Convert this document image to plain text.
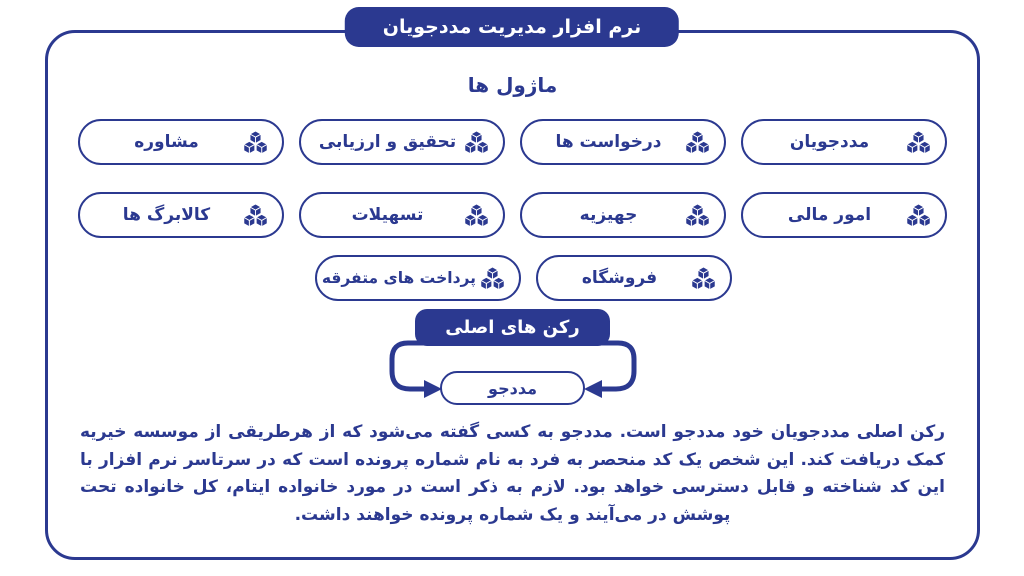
ماژول ها
مددجویان
درخواست ها
تحقیق و ارزیابی
مشاوره
امور مالی
جهیزیه
تسهیلات
کالابرگ ها
فروشگاه
پرداخت های متفرقه
رکن های اصلی
مددجو
رکن اصلی مددجویان خود مددجو است. مددجو به کسی گفته می‌شود که از هرطریقی از موسسه خیریه کمک دریافت کند. این شخص یک کد منحصر به فرد به نام شماره پرونده است که در سرتاسر نرم افزار با این کد شناخته و قابل دسترسی خواهد بود. لازم به ذکر است در مورد خانواده ایتام، کل خانواده تحت پوشش در می‌آیند و یک شماره پرونده خواهند داشت.
نرم افزار مدیریت مددجویان
